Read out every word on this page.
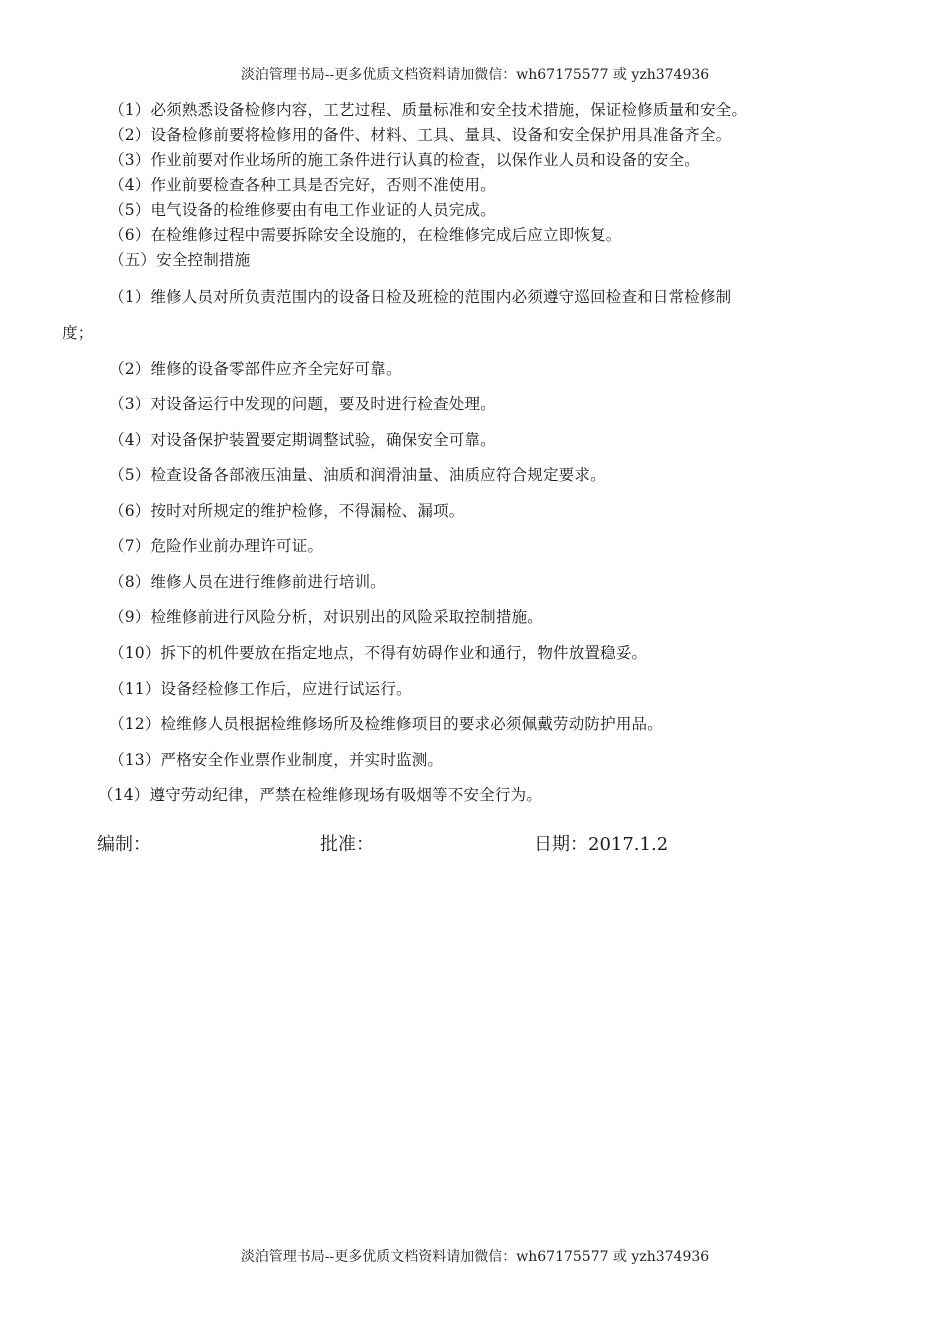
淡泊管理书局--更多优质文档资料请加微信：wh67175577 或 yzh374936
（1）必须熟悉设备检修内容，工艺过程、质量标准和安全技术措施，保证检修质量和安全。
（2）设备检修前要将检修用的备件、材料、工具、量具、设备和安全保护用具准备齐全。
（3）作业前要对作业场所的施工条件进行认真的检查，以保作业人员和设备的安全。
（4）作业前要检查各种工具是否完好，否则不准使用。
（5）电气设备的检维修要由有电工作业证的人员完成。
（6）在检维修过程中需要拆除安全设施的，在检维修完成后应立即恢复。
（五）安全控制措施
（1）维修人员对所负责范围内的设备日检及班检的范围内必须遵守巡回检查和日常检修制
度；
（2）维修的设备零部件应齐全完好可靠。
（3）对设备运行中发现的问题，要及时进行检查处理。
（4）对设备保护装置要定期调整试验，确保安全可靠。
（5）检查设备各部液压油量、油质和润滑油量、油质应符合规定要求。
（6）按时对所规定的维护检修，不得漏检、漏项。
（7）危险作业前办理许可证。
（8）维修人员在进行维修前进行培训。
（9）检维修前进行风险分析，对识别出的风险采取控制措施。
（10）拆下的机件要放在指定地点，不得有妨碍作业和通行，物件放置稳妥。
（11）设备经检修工作后，应进行试运行。
（12）检维修人员根据检维修场所及检维修项目的要求必须佩戴劳动防护用品。
（13）严格安全作业票作业制度，并实时监测。
（14）遵守劳动纪律，严禁在检维修现场有吸烟等不安全行为。
编制：	批准：	日期：2017.1.2
淡泊管理书局--更多优质文档资料请加微信：wh67175577 或 yzh374936
